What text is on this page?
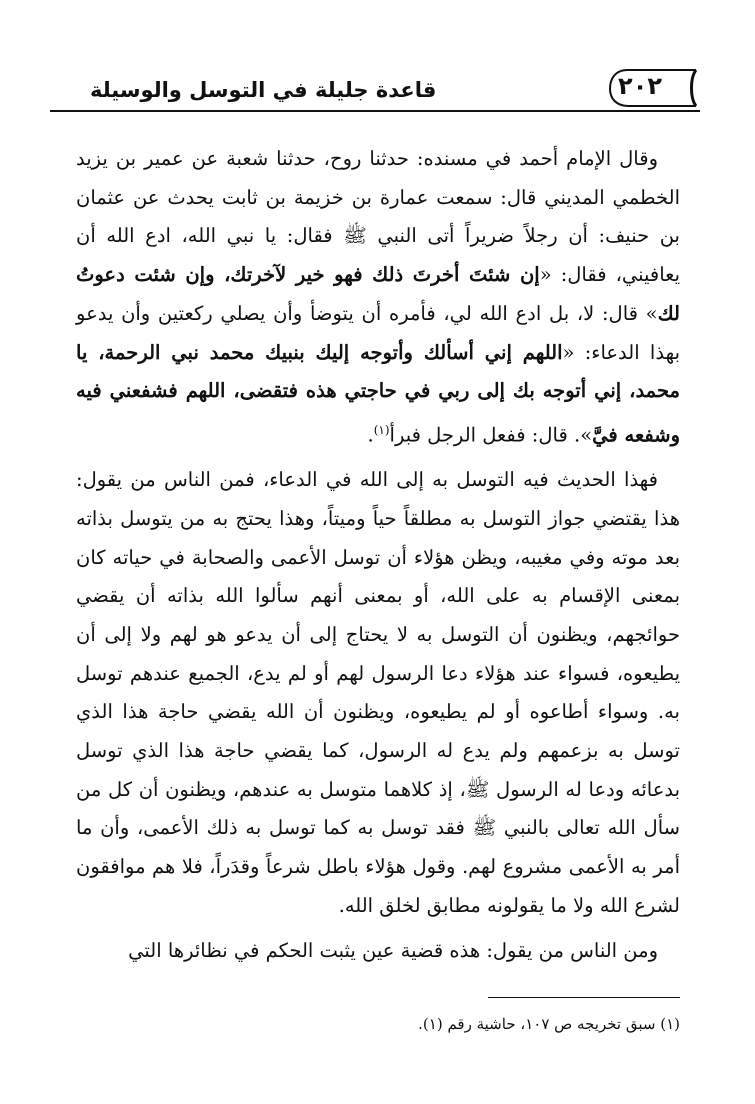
٢٠٢
قاعدة جليلة في التوسل والوسيلة

وقال الإمام أحمد في مسنده: حدثنا روح، حدثنا شعبة عن عمير بن يزيد الخطمي المديني قال: سمعت عمارة بن خزيمة بن ثابت يحدث عن عثمان بن حنيف: أن رجلاً ضريراً أتى النبي ﷺ فقال: يا نبي الله، ادع الله أن يعافيني، فقال: «إن شئتَ أخرتَ ذلك فهو خير لآخرتك، وإن شئت دعوتُ لك» قال: لا، بل ادع الله لي، فأمره أن يتوضأ وأن يصلي ركعتين وأن يدعو بهذا الدعاء: «اللهم إني أسألك وأتوجه إليك بنبيك محمد نبي الرحمة، يا محمد، إني أتوجه بك إلى ربي في حاجتي هذه فتقضى، اللهم فشفعني فيه وشفعه فيَّ». قال: ففعل الرجل فبرأ$^{(١)}$.

فهذا الحديث فيه التوسل به إلى الله في الدعاء، فمن الناس من يقول: هذا يقتضي جواز التوسل به مطلقاً حياً وميتاً، وهذا يحتج به من يتوسل بذاته بعد موته وفي مغيبه، ويظن هؤلاء أن توسل الأعمى والصحابة في حياته كان بمعنى الإقسام به على الله، أو بمعنى أنهم سألوا الله بذاته أن يقضي حوائجهم، ويظنون أن التوسل به لا يحتاج إلى أن يدعو هو لهم ولا إلى أن يطيعوه، فسواء عند هؤلاء دعا الرسول لهم أو لم يدع، الجميع عندهم توسل به. وسواء أطاعوه أو لم يطيعوه، ويظنون أن الله يقضي حاجة هذا الذي توسل به بزعمهم ولم يدع له الرسول، كما يقضي حاجة هذا الذي توسل بدعائه ودعا له الرسول ﷺ، إذ كلاهما متوسل به عندهم، ويظنون أن كل من سأل الله تعالى بالنبي ﷺ فقد توسل به كما توسل به ذلك الأعمى، وأن ما أمر به الأعمى مشروع لهم. وقول هؤلاء باطل شرعاً وقدَراً، فلا هم موافقون لشرع الله ولا ما يقولونه مطابق لخلق الله.

ومن الناس من يقول: هذه قضية عين يثبت الحكم في نظائرها التي

(١) سبق تخريجه ص ١٠٧، حاشية رقم (١).
